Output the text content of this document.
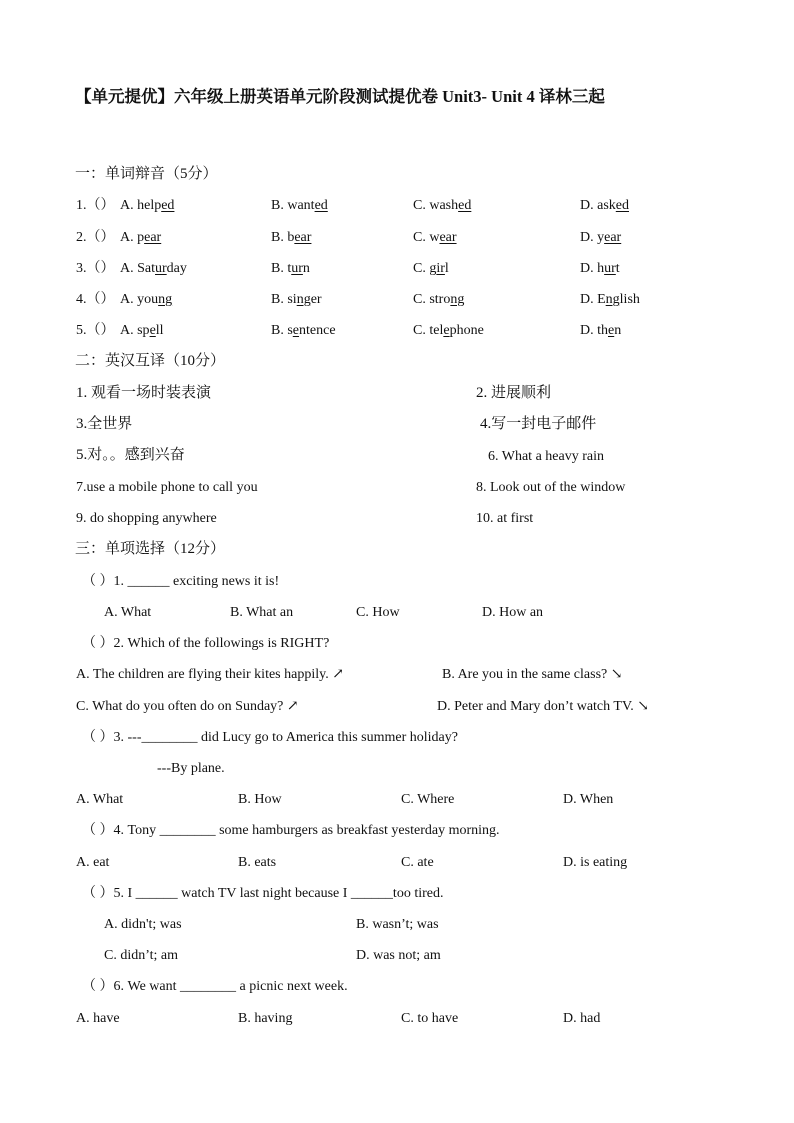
【单元提优】六年级上册英语单元阶段测试提优卷 Unit3- Unit 4 译林三起
一：单词辩音（5分）
1.（） A. helped	B. wanted	C. washed	D. asked
2.（） A. pear	B. bear	C. wear	D. year
3.（） A. Saturday	B. turn	C. girl	D. hurt
4.（） A. young	B. singer	C. strong	D. English
5.（） A. spell	B. sentence	C. telephone	D. then
二：英汉互译（10分）
1. 观看一场时装表演	2. 进展顺利
3.全世界	4.写一封电子邮件
5.对。。感到兴奋	6. What a heavy rain
7.use a mobile phone to call you	8. Look out of the window
9. do shopping anywhere	10. at first
三：单项选择（12分）
（ ）1. ______ exciting news it is!
A. What	B. What an	C. How	D. How an
（ ）2. Which of the followings is RIGHT?
A. The children are flying their kites happily. ↗	B. Are you in the same class? ↘
C. What do you often do on Sunday? ↗	D. Peter and Mary don’t watch TV. ↘
（ ）3. ---________ did Lucy go to America this summer holiday?
---By plane.
A. What	B. How	C. Where	D. When
（ ）4. Tony ________ some hamburgers as breakfast yesterday morning.
A. eat	B. eats	C. ate	D. is eating
（ ）5. I ______ watch TV last night because I ______too tired.
A. didn't; was	B. wasn’t; was
C. didn’t; am	D. was not; am
（ ）6. We want ________ a picnic next week.
A. have	B. having	C. to have	D. had
